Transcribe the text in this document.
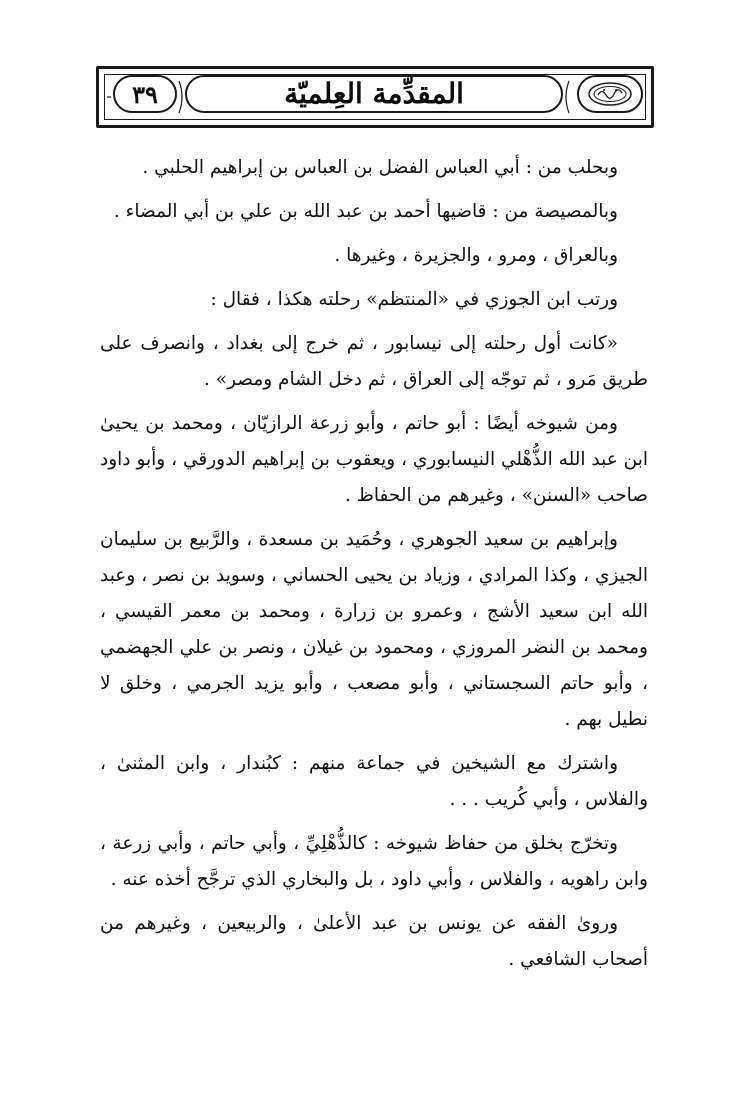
٣٩	المقدِّمة العِلميّة

وبحلب من : أبي العباس الفضل بن العباس بن إبراهيم الحلبي .

وبالمصيصة من : قاضيها أحمد بن عبد الله بن علي بن أبي المضاء .

وبالعراق ، ومرو ، والجزيرة ، وغيرها .

ورتب ابن الجوزي في «المنتظم» رحلته هكذا ، فقال :

«كانت أول رحلته إلى نيسابور ، ثم خرج إلى بغداد ، وانصرف على طريق مَرو ، ثم توجّه إلى العراق ، ثم دخل الشام ومصر» .

ومن شيوخه أيضًا : أبو حاتم ، وأبو زرعة الرازيّان ، ومحمد بن يحيىٰ ابن عبد الله الذُّهْلي النيسابوري ، ويعقوب بن إبراهيم الدورقي ، وأبو داود صاحب «السنن» ، وغيرهم من الحفاظ .

وإبراهيم بن سعيد الجوهري ، وحُمَيد بن مسعدة ، والرَّبيع بن سليمان الجيزي ، وكذا المرادي ، وزياد بن يحيى الحساني ، وسويد بن نصر ، وعبد الله ابن سعيد الأشج ، وعمرو بن زرارة ، ومحمد بن معمر القيسي ، ومحمد بن النضر المروزي ، ومحمود بن غيلان ، ونصر بن علي الجهضمي ، وأبو حاتم السجستاني ، وأبو مصعب ، وأبو يزيد الجرمي ، وخلق لا نطيل بهم .

واشترك مع الشيخين في جماعة منهم : كبُندار ، وابن المثنىٰ ، والفلاس ، وأبي كُريب . . .

وتخرّج بخلق من حفاظ شيوخه : كالذُّهْلِيِّ ، وأبي حاتم ، وأبي زرعة ، وابن راهويه ، والفلاس ، وأبي داود ، بل والبخاري الذي ترجَّح أخذه عنه .

وروىٰ الفقه عن يونس بن عبد الأعلىٰ ، والربيعين ، وغيرهم من أصحاب الشافعي .
